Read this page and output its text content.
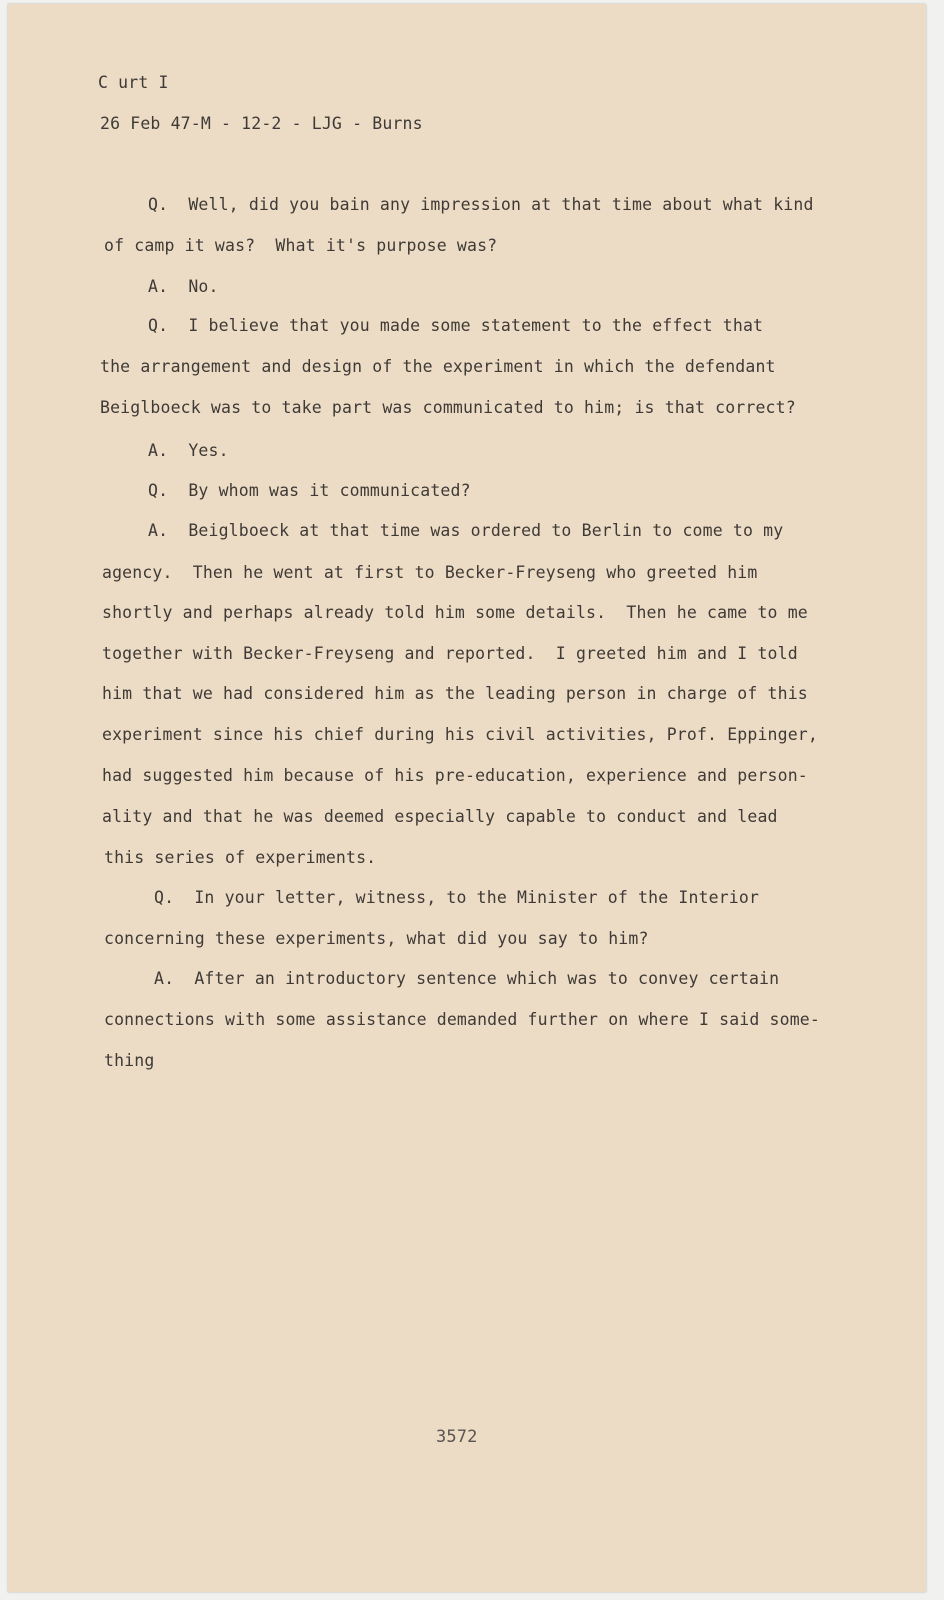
C urt I
26 Feb 47-M - 12-2 - LJG - Burns
Q.  Well, did you bain any impression at that time about what kind
of camp it was?  What it's purpose was?
A.  No.
Q.  I believe that you made some statement to the effect that
the arrangement and design of the experiment in which the defendant
Beiglboeck was to take part was communicated to him; is that correct?
A.  Yes.
Q.  By whom was it communicated?
A.  Beiglboeck at that time was ordered to Berlin to come to my
agency.  Then he went at first to Becker-Freyseng who greeted him
shortly and perhaps already told him some details.  Then he came to me
together with Becker-Freyseng and reported.  I greeted him and I told
him that we had considered him as the leading person in charge of this
experiment since his chief during his civil activities, Prof. Eppinger,
had suggested him because of his pre-education, experience and person-
ality and that he was deemed especially capable to conduct and lead
this series of experiments.
Q.  In your letter, witness, to the Minister of the Interior
concerning these experiments, what did you say to him?
A.  After an introductory sentence which was to convey certain
connections with some assistance demanded further on where I said some-
thing
3572
